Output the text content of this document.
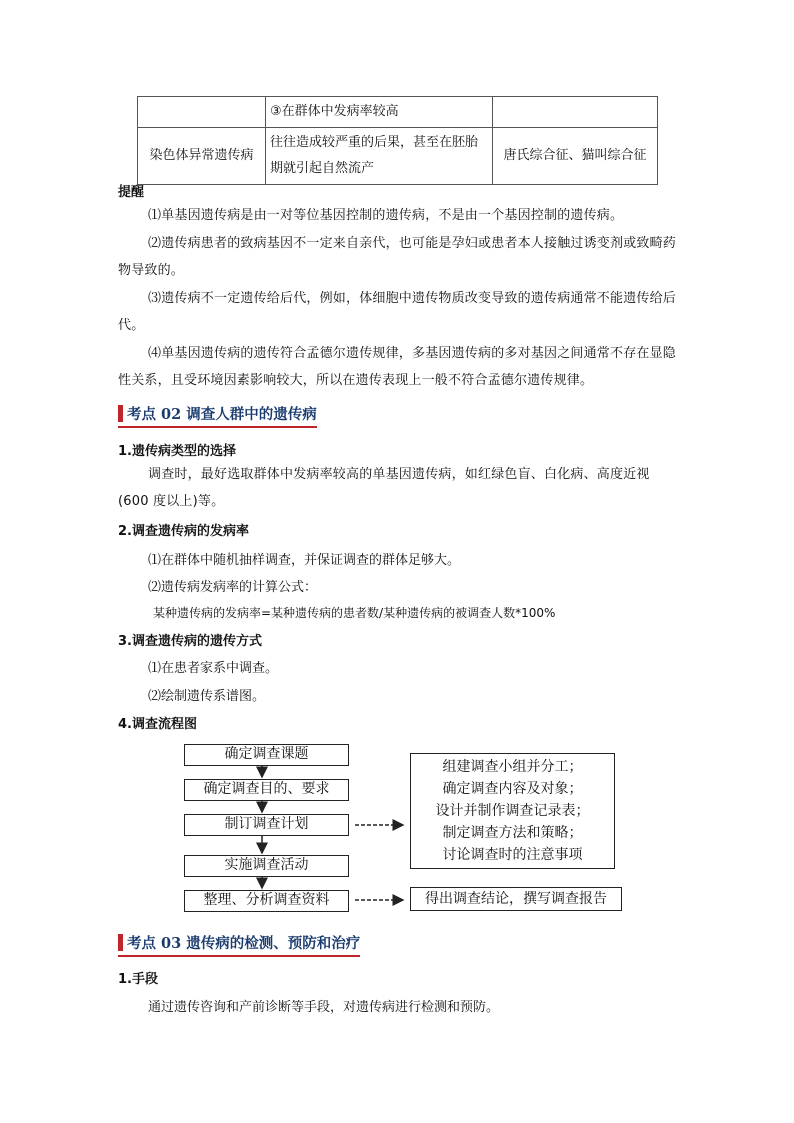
	③在群体中发病率较高	
染色体异常遗传病	往往造成较严重的后果，甚至在胚胎期就引起自然流产	唐氏综合征、猫叫综合征
提醒
⑴单基因遗传病是由一对等位基因控制的遗传病，不是由一个基因控制的遗传病。
⑵遗传病患者的致病基因不一定来自亲代，也可能是孕妇或患者本人接触过诱变剂或致畸药物导致的。
⑶遗传病不一定遗传给后代，例如，体细胞中遗传物质改变导致的遗传病通常不能遗传给后代。
⑷单基因遗传病的遗传符合孟德尔遗传规律，多基因遗传病的多对基因之间通常不存在显隐性关系，且受环境因素影响较大，所以在遗传表现上一般不符合孟德尔遗传规律。
考点 02 调查人群中的遗传病
1.遗传病类型的选择
调查时，最好选取群体中发病率较高的单基因遗传病，如红绿色盲、白化病、高度近视(600 度以上)等。
2.调查遗传病的发病率
⑴在群体中随机抽样调查，并保证调查的群体足够大。
⑵遗传病发病率的计算公式：
某种遗传病的发病率=某种遗传病的患者数/某种遗传病的被调查人数*100%
3.调查遗传病的遗传方式
⑴在患者家系中调查。
⑵绘制遗传系谱图。
4.调查流程图
确定调查课题
确定调查目的、要求
制订调查计划
实施调查活动
整理、分析调查资料
组建调查小组并分工；
确定调查内容及对象；
设计并制作调查记录表；
制定调查方法和策略；
讨论调查时的注意事项
得出调查结论，撰写调查报告
考点 03 遗传病的检测、预防和治疗
1.手段
通过遗传咨询和产前诊断等手段，对遗传病进行检测和预防。
